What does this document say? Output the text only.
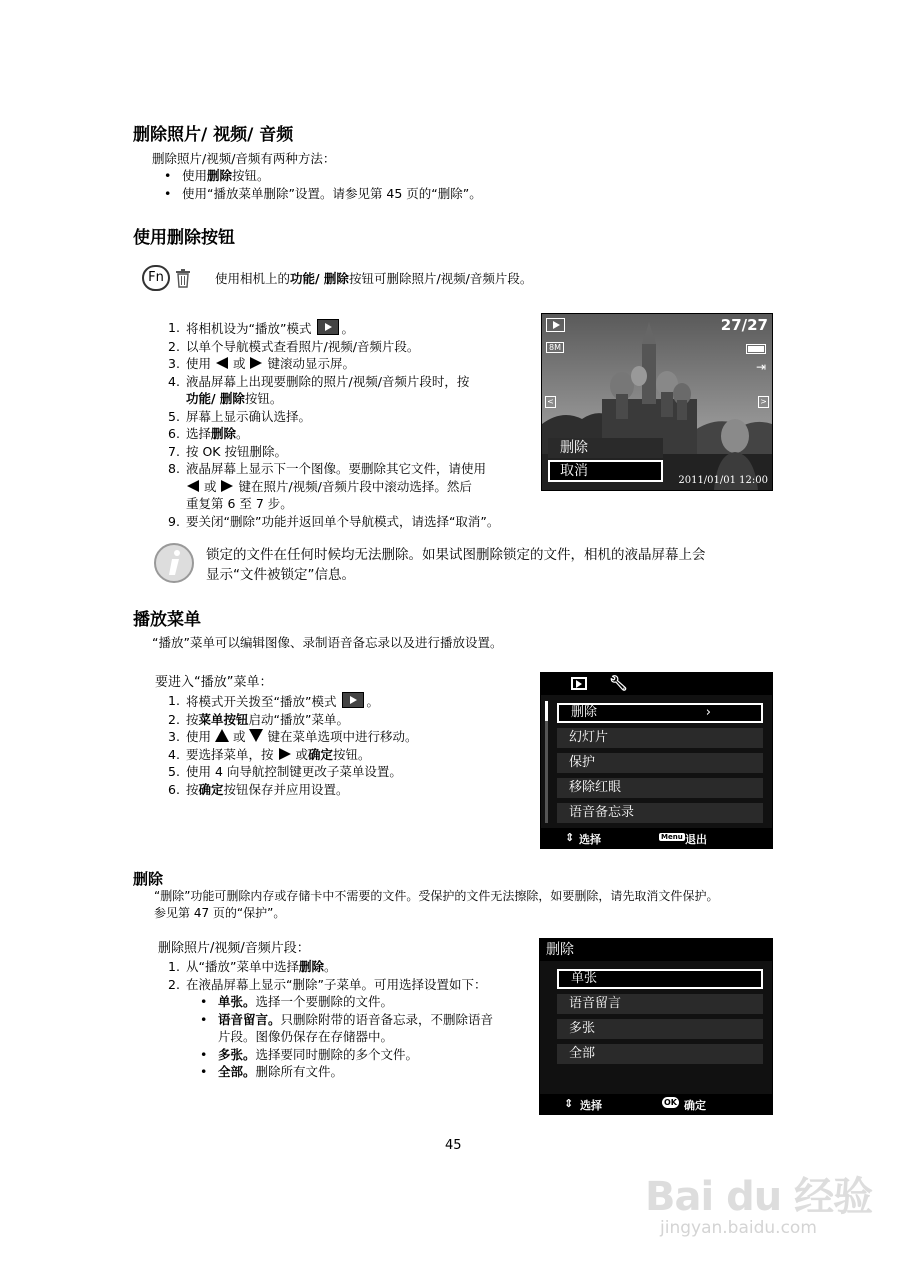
删除照片/ 视频/ 音频
删除照片/视频/音频有两种方法：
• 使用删除按钮。
• 使用“播放菜单删除”设置。请参见第 45 页的“删除”。
使用删除按钮
Fn	使用相机上的功能/ 删除按钮可删除照片/视频/音频片段。
1. 将相机设为“播放”模式 。
2. 以单个导航模式查看照片/视频/音频片段。
3. 使用 或 键滚动显示屏。
4. 液晶屏幕上出现要删除的照片/视频/音频片段时，按
功能/ 删除按钮。
5. 屏幕上显示确认选择。
6. 选择删除。
7. 按 OK 按钮删除。
8. 液晶屏幕上显示下一个图像。要删除其它文件，请使用
或 键在照片/视频/音频片段中滚动选择。然后
重复第 6 至 7 步。
9. 要关闭“删除”功能并返回单个导航模式，请选择“取消”。
27/27
8M
⇥
<	>
删除
取消
2011/01/01 12:00
锁定的文件在任何时候均无法删除。如果试图删除锁定的文件，相机的液晶屏幕上会
显示“文件被锁定”信息。
播放菜单
“播放”菜单可以编辑图像、录制语音备忘录以及进行播放设置。
要进入“播放”菜单：
1. 将模式开关拨至“播放”模式 。
2. 按菜单按钮启动“播放”菜单。
3. 使用 或 键在菜单选项中进行移动。
4. 要选择菜单，按 或确定按钮。
5. 使用 4 向导航控制键更改子菜单设置。
6. 按确定按钮保存并应用设置。
🔧︎
删除	›
幻灯片
保护
移除红眼
语音备忘录
⇕ 选择	Menu 退出
删除
“删除”功能可删除内存或存储卡中不需要的文件。受保护的文件无法擦除，如要删除，请先取消文件保护。
参见第 47 页的“保护”。
删除照片/视频/音频片段：
1. 从“播放”菜单中选择删除。
2. 在液晶屏幕上显示“删除”子菜单。可用选择设置如下：
• 单张。选择一个要删除的文件。
• 语音留言。只删除附带的语音备忘录，不删除语音
片段。图像仍保存在存储器中。
• 多张。选择要同时删除的多个文件。
• 全部。删除所有文件。
删除
单张
语音留言
多张
全部
⇕ 选择	OK 确定
45
Bai du 经验
jingyan.baidu.com
